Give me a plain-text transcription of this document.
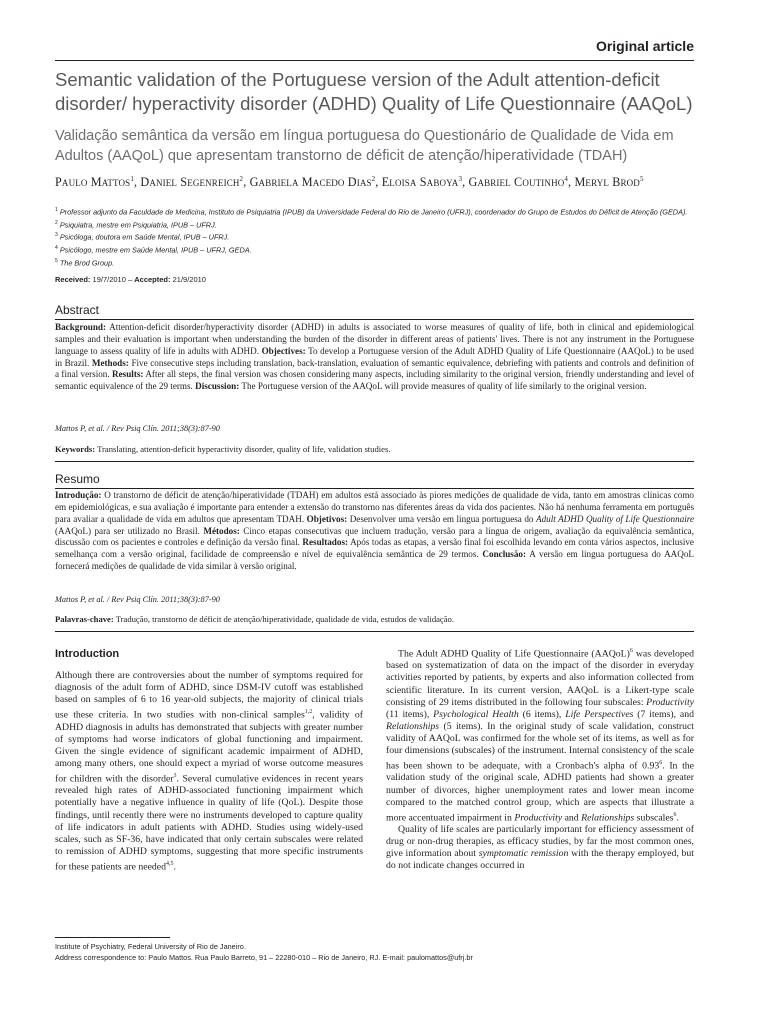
Original article
Semantic validation of the Portuguese version of the Adult attention-deficit disorder/ hyperactivity disorder (ADHD) Quality of Life Questionnaire (AAQoL)
Validação semântica da versão em língua portuguesa do Questionário de Qualidade de Vida em Adultos (AAQoL) que apresentam transtorno de déficit de atenção/hiperatividade (TDAH)
Paulo Mattos$^1$, Daniel Segenreich$^2$, Gabriela Macedo Dias$^2$, Eloisa Saboya$^3$, Gabriel Coutinho$^4$, Meryl Brod$^5$
$^1$ Professor adjunto da Faculdade de Medicina, Instituto de Psiquiatria (IPUB) da Universidade Federal do Rio de Janeiro (UFRJ), coordenador do Grupo de Estudos do Déficit de Atenção (GEDA).
$^2$ Psiquiatra, mestre em Psiquiatria, IPUB – UFRJ.
$^3$ Psicóloga, doutora em Saúde Mental, IPUB – UFRJ.
$^4$ Psicólogo, mestre em Saúde Mental, IPUB – UFRJ, GEDA.
$^5$ The Brod Group.
Received: 19/7/2010 – Accepted: 21/9/2010
Abstract
Background: Attention-deficit disorder/hyperactivity disorder (ADHD) in adults is associated to worse measures of quality of life, both in clinical and epidemiological samples and their evaluation is important when understanding the burden of the disorder in different areas of patients' lives. There is not any instrument in the Portuguese language to assess quality of life in adults with ADHD. Objectives: To develop a Portuguese version of the Adult ADHD Quality of Life Questionnaire (AAQoL) to be used in Brazil. Methods: Five consecutive steps including translation, back-translation, evaluation of semantic equivalence, debriefing with patients and controls and definition of a final version. Results: After all steps, the final version was chosen considering many aspects, including similarity to the original version, friendly understanding and level of semantic equivalence of the 29 terms. Discussion: The Portuguese version of the AAQoL will provide measures of quality of life similarly to the original version.
Mattos P, et al. / Rev Psiq Clín. 2011;38(3):87-90
Keywords: Translating, attention-deficit hyperactivity disorder, quality of life, validation studies.
Resumo
Introdução: O transtorno de déficit de atenção/hiperatividade (TDAH) em adultos está associado às piores medições de qualidade de vida, tanto em amostras clínicas como em epidemiológicas, e sua avaliação é importante para entender a extensão do transtorno nas diferentes áreas da vida dos pacientes. Não há nenhuma ferramenta em português para avaliar a qualidade de vida em adultos que apresentam TDAH. Objetivos: Desenvolver uma versão em língua portuguesa do Adult ADHD Quality of Life Questionnaire (AAQoL) para ser utilizado no Brasil. Métodos: Cinco etapas consecutivas que incluem tradução, versão para a língua de origem, avaliação da equivalência semântica, discussão com os pacientes e controles e definição da versão final. Resultados: Após todas as etapas, a versão final foi escolhida levando em conta vários aspectos, inclusive semelhança com a versão original, facilidade de compreensão e nível de equivalência semântica de 29 termos. Conclusão: A versão em língua portuguesa do AAQoL fornecerá medições de qualidade de vida similar à versão original.
Mattos P, et al. / Rev Psiq Clín. 2011;38(3):87-90
Palavras-chave: Tradução, transtorno de déficit de atenção/hiperatividade, qualidade de vida, estudos de validação.
Introduction
Although there are controversies about the number of symptoms required for diagnosis of the adult form of ADHD, since DSM-IV cutoff was established based on samples of 6 to 16 year-old subjects, the majority of clinical trials use these criteria. In two studies with non-clinical samples$^{1,2}$, validity of ADHD diagnosis in adults has demonstrated that subjects with greater number of symptoms had worse indicators of global functioning and impairment. Given the single evidence of significant academic impairment of ADHD, among many others, one should expect a myriad of worse outcome measures for children with the disorder$^3$. Several cumulative evidences in recent years revealed high rates of ADHD-associated functioning impairment which potentially have a negative influence in quality of life (QoL). Despite those findings, until recently there were no instruments developed to capture quality of life indicators in adult patients with ADHD. Studies using widely-used scales, such as SF-36, have indicated that only certain subscales were related to remission of ADHD symptoms, suggesting that more specific instruments for these patients are needed$^{4,5}$.

The Adult ADHD Quality of Life Questionnaire (AAQoL)$^6$ was developed based on systematization of data on the impact of the disorder in everyday activities reported by patients, by experts and also information collected from scientific literature. In its current version, AAQoL is a Likert-type scale consisting of 29 items distributed in the following four subscales: Productivity (11 items), Psychological Health (6 items), Life Perspectives (7 items), and Relationships (5 items). In the original study of scale validation, construct validity of AAQoL was confirmed for the whole set of its items, as well as for four dimensions (subscales) of the instrument. Internal consistency of the scale has been shown to be adequate, with a Cronbach's alpha of 0.93$^6$. In the validation study of the original scale, ADHD patients had shown a greater number of divorces, higher unemployment rates and lower mean income compared to the matched control group, which are aspects that illustrate a more accentuated impairment in Productivity and Relationships subscales$^6$.

Quality of life scales are particularly important for efficiency assessment of drug or non-drug therapies, as efficacy studies, by far the most common ones, give information about symptomatic remission with the therapy employed, but do not indicate changes occurred in

Institute of Psychiatry, Federal University of Rio de Janeiro.
Address correspondence to: Paulo Mattos. Rua Paulo Barreto, 91 – 22280-010 – Rio de Janeiro, RJ. E-mail: paulomattos@ufrj.br
